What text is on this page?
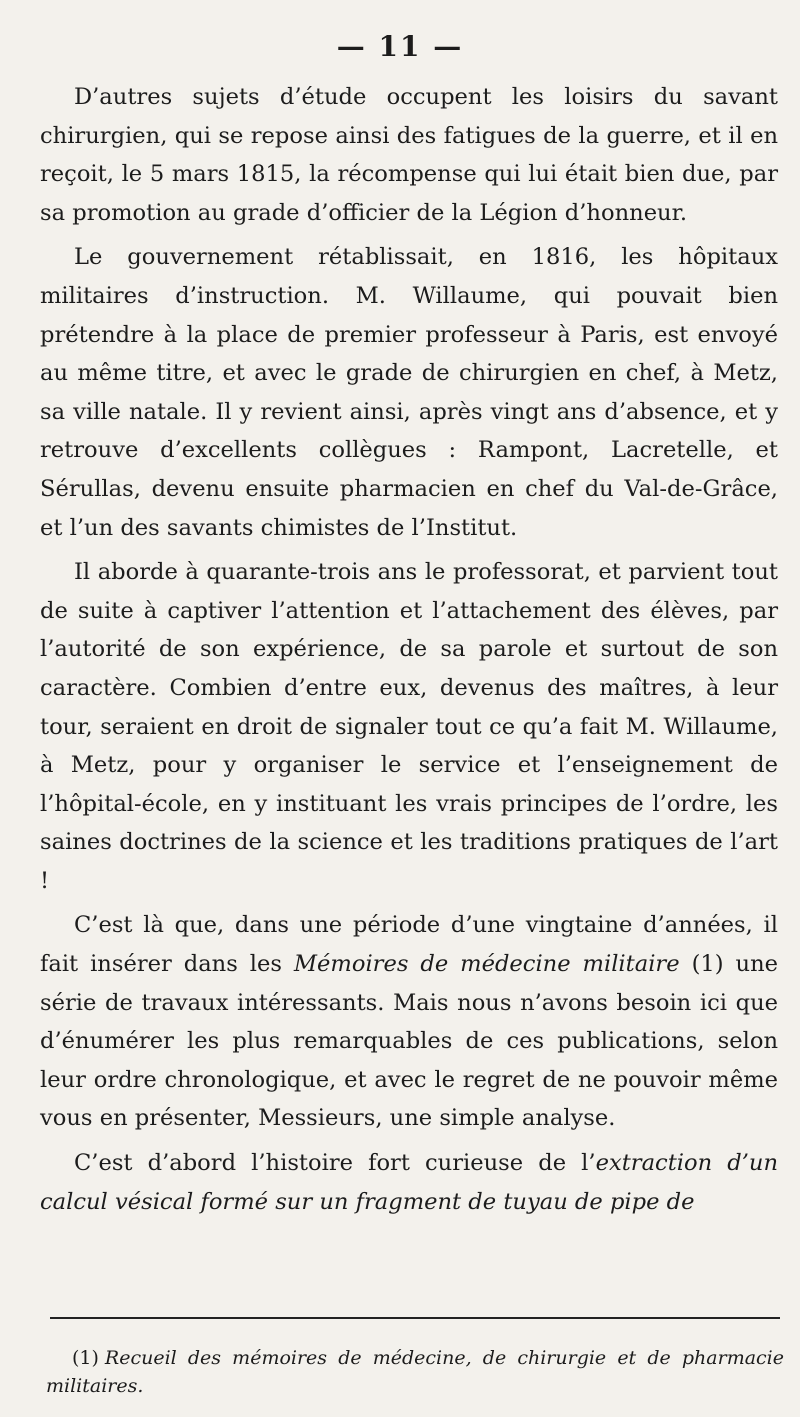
— 11 —

D’autres sujets d’étude occupent les loisirs du savant chirurgien, qui se repose ainsi des fatigues de la guerre, et il en reçoit, le 5 mars 1815, la récompense qui lui était bien due, par sa promotion au grade d’officier de la Légion d’honneur.

Le gouvernement rétablissait, en 1816, les hôpitaux militaires d’instruction. M. Willaume, qui pouvait bien prétendre à la place de premier professeur à Paris, est envoyé au même titre, et avec le grade de chirurgien en chef, à Metz, sa ville natale. Il y revient ainsi, après vingt ans d’absence, et y retrouve d’excellents collègues : Rampont, Lacretelle, et Sérullas, devenu ensuite pharmacien en chef du Val-de-Grâce, et l’un des savants chimistes de l’Institut.

Il aborde à quarante-trois ans le professorat, et parvient tout de suite à captiver l’attention et l’attachement des élèves, par l’autorité de son expérience, de sa parole et surtout de son caractère. Combien d’entre eux, devenus des maîtres, à leur tour, seraient en droit de signaler tout ce qu’a fait M. Willaume, à Metz, pour y organiser le service et l’enseignement de l’hôpital-école, en y instituant les vrais principes de l’ordre, les saines doctrines de la science et les traditions pratiques de l’art !

C’est là que, dans une période d’une vingtaine d’années, il fait insérer dans les Mémoires de médecine militaire (1) une série de travaux intéressants. Mais nous n’avons besoin ici que d’énumérer les plus remarquables de ces publications, selon leur ordre chronologique, et avec le regret de ne pouvoir même vous en présenter, Messieurs, une simple analyse.

C’est d’abord l’histoire fort curieuse de l’extraction d’un calcul vésical formé sur un fragment de tuyau de pipe de

(1) Recueil des mémoires de médecine, de chirurgie et de pharmacie militaires.
